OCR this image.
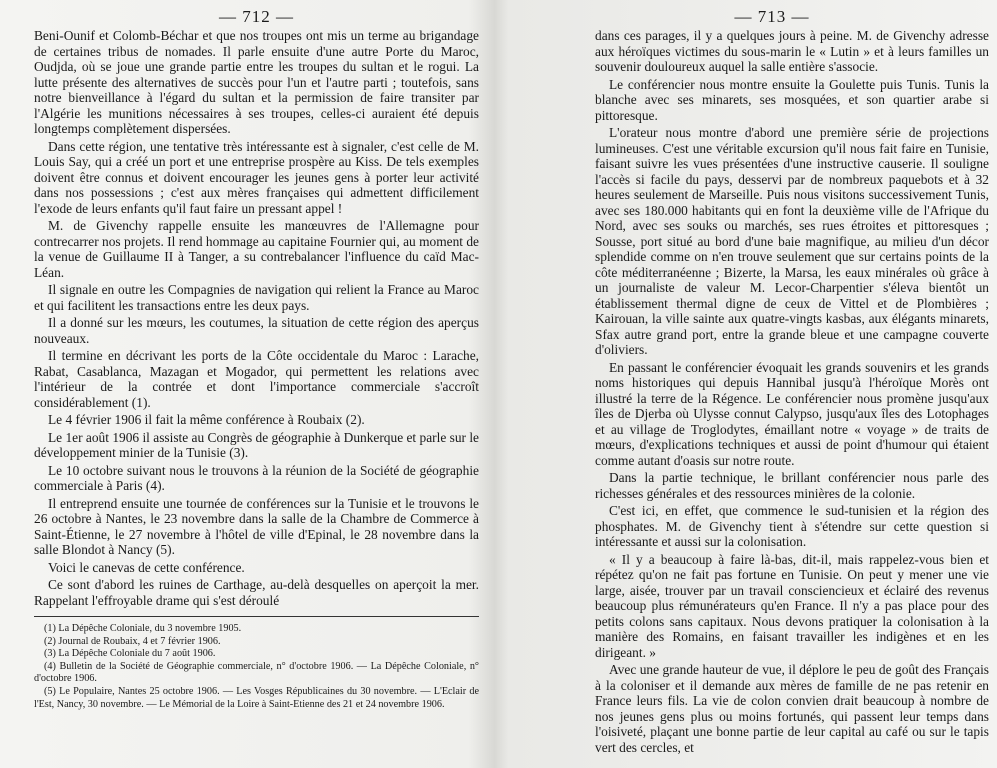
— 712 —

Beni-Ounif et Colomb-Béchar et que nos troupes ont mis un terme au brigandage de certaines tribus de nomades. Il parle ensuite d'une autre Porte du Maroc, Oudjda, où se joue une grande partie entre les troupes du sultan et le rogui. La lutte présente des alternatives de succès pour l'un et l'autre parti ; toutefois, sans notre bienveillance à l'égard du sultan et la permission de faire transiter par l'Algérie les munitions nécessaires à ses troupes, celles-ci auraient été depuis longtemps complètement dispersées.

Dans cette région, une tentative très intéressante est à signaler, c'est celle de M. Louis Say, qui a créé un port et une entreprise prospère au Kiss. De tels exemples doivent être connus et doivent encourager les jeunes gens à porter leur activité dans nos possessions ; c'est aux mères françaises qui admettent difficilement l'exode de leurs enfants qu'il faut faire un pressant appel !

M. de Givenchy rappelle ensuite les manœuvres de l'Allemagne pour contrecarrer nos projets. Il rend hommage au capitaine Fournier qui, au moment de la venue de Guillaume II à Tanger, a su contrebalancer l'influence du caïd Mac-Léan.

Il signale en outre les Compagnies de navigation qui relient la France au Maroc et qui facilitent les transactions entre les deux pays.

Il a donné sur les mœurs, les coutumes, la situation de cette région des aperçus nouveaux.

Il termine en décrivant les ports de la Côte occidentale du Maroc : Larache, Rabat, Casablanca, Mazagan et Mogador, qui permettent les relations avec l'intérieur de la contrée et dont l'importance commerciale s'accroît considérablement (1).

Le 4 février 1906 il fait la même conférence à Roubaix (2).

Le 1er août 1906 il assiste au Congrès de géographie à Dunkerque et parle sur le développement minier de la Tunisie (3).

Le 10 octobre suivant nous le trouvons à la réunion de la Société de géographie commerciale à Paris (4).

Il entreprend ensuite une tournée de conférences sur la Tunisie et le trouvons le 26 octobre à Nantes, le 23 novembre dans la salle de la Chambre de Commerce à Saint-Étienne, le 27 novembre à l'hôtel de ville d'Epinal, le 28 novembre dans la salle Blondot à Nancy (5).

Voici le canevas de cette conférence.

Ce sont d'abord les ruines de Carthage, au-delà desquelles on aperçoit la mer. Rappelant l'effroyable drame qui s'est déroulé

(1) La Dépêche Coloniale, du 3 novembre 1905.

(2) Journal de Roubaix, 4 et 7 février 1906.

(3) La Dépêche Coloniale du 7 août 1906.

(4) Bulletin de la Société de Géographie commerciale, n° d'octobre 1906. — La Dépêche Coloniale, n° d'octobre 1906.

(5) Le Populaire, Nantes 25 octobre 1906. — Les Vosges Républicaines du 30 novembre. — L'Eclair de l'Est, Nancy, 30 novembre. — Le Mémorial de la Loire à Saint-Etienne des 21 et 24 novembre 1906.

— 713 —

dans ces parages, il y a quelques jours à peine. M. de Givenchy adresse aux héroïques victimes du sous-marin le « Lutin » et à leurs familles un souvenir douloureux auquel la salle entière s'associe.

Le conférencier nous montre ensuite la Goulette puis Tunis. Tunis la blanche avec ses minarets, ses mosquées, et son quartier arabe si pittoresque.

L'orateur nous montre d'abord une première série de projections lumineuses. C'est une véritable excursion qu'il nous fait faire en Tunisie, faisant suivre les vues présentées d'une instructive causerie. Il souligne l'accès si facile du pays, desservi par de nombreux paquebots et à 32 heures seulement de Marseille. Puis nous visitons successivement Tunis, avec ses 180.000 habitants qui en font la deuxième ville de l'Afrique du Nord, avec ses souks ou marchés, ses rues étroites et pittoresques ; Sousse, port situé au bord d'une baie magnifique, au milieu d'un décor splendide comme on n'en trouve seulement que sur certains points de la côte méditerranéenne ; Bizerte, la Marsa, les eaux minérales où grâce à un journaliste de valeur M. Lecor-Charpentier s'éleva bientôt un établissement thermal digne de ceux de Vittel et de Plombières ; Kairouan, la ville sainte aux quatre-vingts kasbas, aux élégants minarets, Sfax autre grand port, entre la grande bleue et une campagne couverte d'oliviers.

En passant le conférencier évoquait les grands souvenirs et les grands noms historiques qui depuis Hannibal jusqu'à l'héroïque Morès ont illustré la terre de la Régence. Le conférencier nous promène jusqu'aux îles de Djerba où Ulysse connut Calypso, jusqu'aux îles des Lotophages et au village de Troglodytes, émaillant notre « voyage » de traits de mœurs, d'explications techniques et aussi de point d'humour qui étaient comme autant d'oasis sur notre route.

Dans la partie technique, le brillant conférencier nous parle des richesses générales et des ressources minières de la colonie.

C'est ici, en effet, que commence le sud-tunisien et la région des phosphates. M. de Givenchy tient à s'étendre sur cette question si intéressante et aussi sur la colonisation.

« Il y a beaucoup à faire là-bas, dit-il, mais rappelez-vous bien et répétez qu'on ne fait pas fortune en Tunisie. On peut y mener une vie large, aisée, trouver par un travail consciencieux et éclairé des revenus beaucoup plus rémunérateurs qu'en France. Il n'y a pas place pour des petits colons sans capitaux. Nous devons pratiquer la colonisation à la manière des Romains, en faisant travailler les indigènes et en les dirigeant. »

Avec une grande hauteur de vue, il déplore le peu de goût des Français à la coloniser et il demande aux mères de famille de ne pas retenir en France leurs fils. La vie de colon convien drait beaucoup à nombre de nos jeunes gens plus ou moins fortunés, qui passent leur temps dans l'oisiveté, plaçant une bonne partie de leur capital au café ou sur le tapis vert des cercles, et
